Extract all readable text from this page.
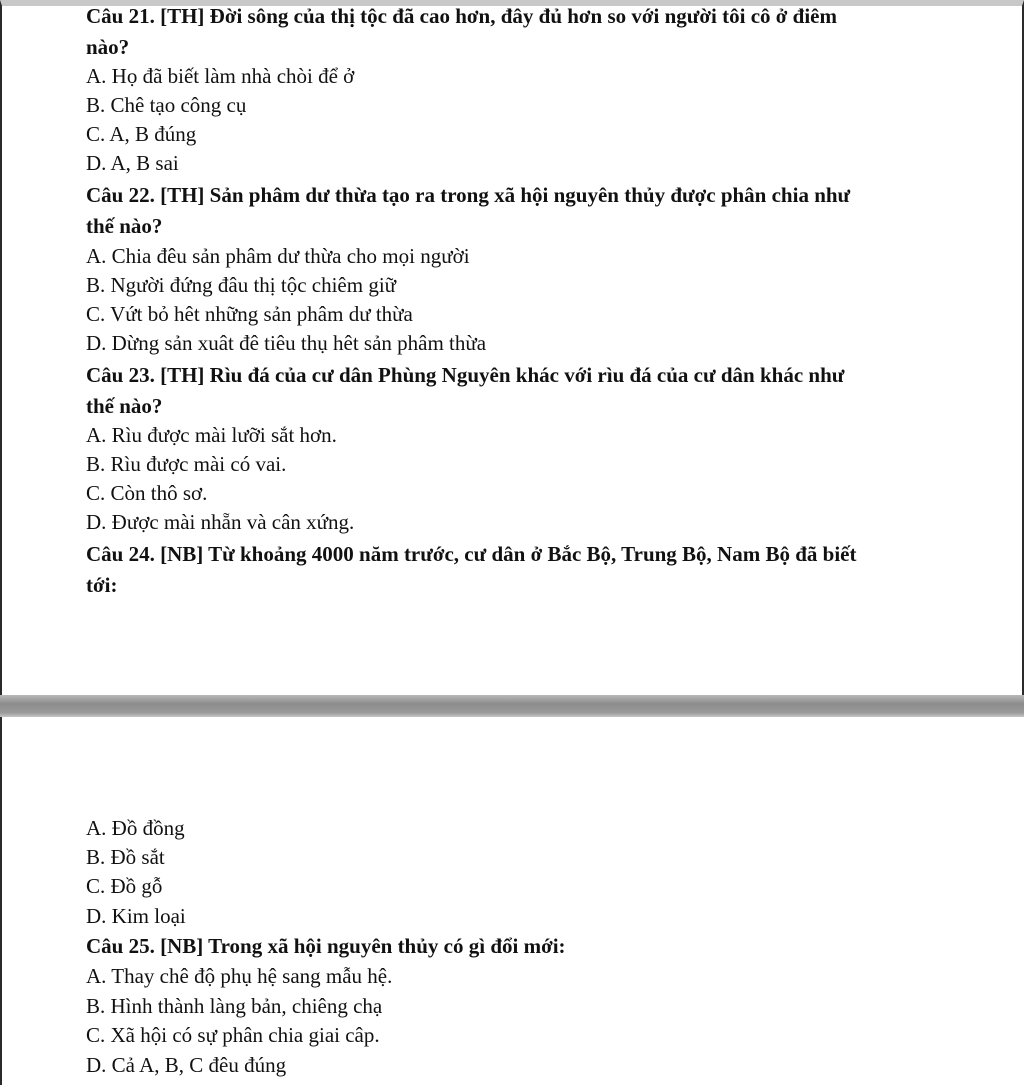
Câu 21. [TH] Đời sông của thị tộc đã cao hơn, đây đủ hơn so với người tôi cô ở điêm
nào?
A. Họ đã biết làm nhà chòi để ở
B. Chê tạo công cụ
C. A, B đúng
D. A, B sai
Câu 22. [TH] Sản phâm dư thừa tạo ra trong xã hội nguyên thủy được phân chia như
thế nào?
A. Chia đêu sản phâm dư thừa cho mọi người
B. Người đứng đâu thị tộc chiêm giữ
C. Vứt bỏ hêt những sản phâm dư thừa
D. Dừng sản xuât đê tiêu thụ hêt sản phâm thừa
Câu 23. [TH] Rìu đá của cư dân Phùng Nguyên khác với rìu đá của cư dân khác như
thế nào?
A. Rìu được mài lưỡi sắt hơn.
B. Rìu được mài có vai.
C. Còn thô sơ.
D. Được mài nhẵn và cân xứng.
Câu 24. [NB] Từ khoảng 4000 năm trước, cư dân ở Bắc Bộ, Trung Bộ, Nam Bộ đã biết
tới:
A. Đồ đồng
B. Đồ sắt
C. Đồ gỗ
D. Kim loại
Câu 25. [NB] Trong xã hội nguyên thủy có gì đổi mới:
A. Thay chê độ phụ hệ sang mẫu hệ.
B. Hình thành làng bản, chiêng chạ
C. Xã hội có sự phân chia giai câp.
D. Cả A, B, C đêu đúng
